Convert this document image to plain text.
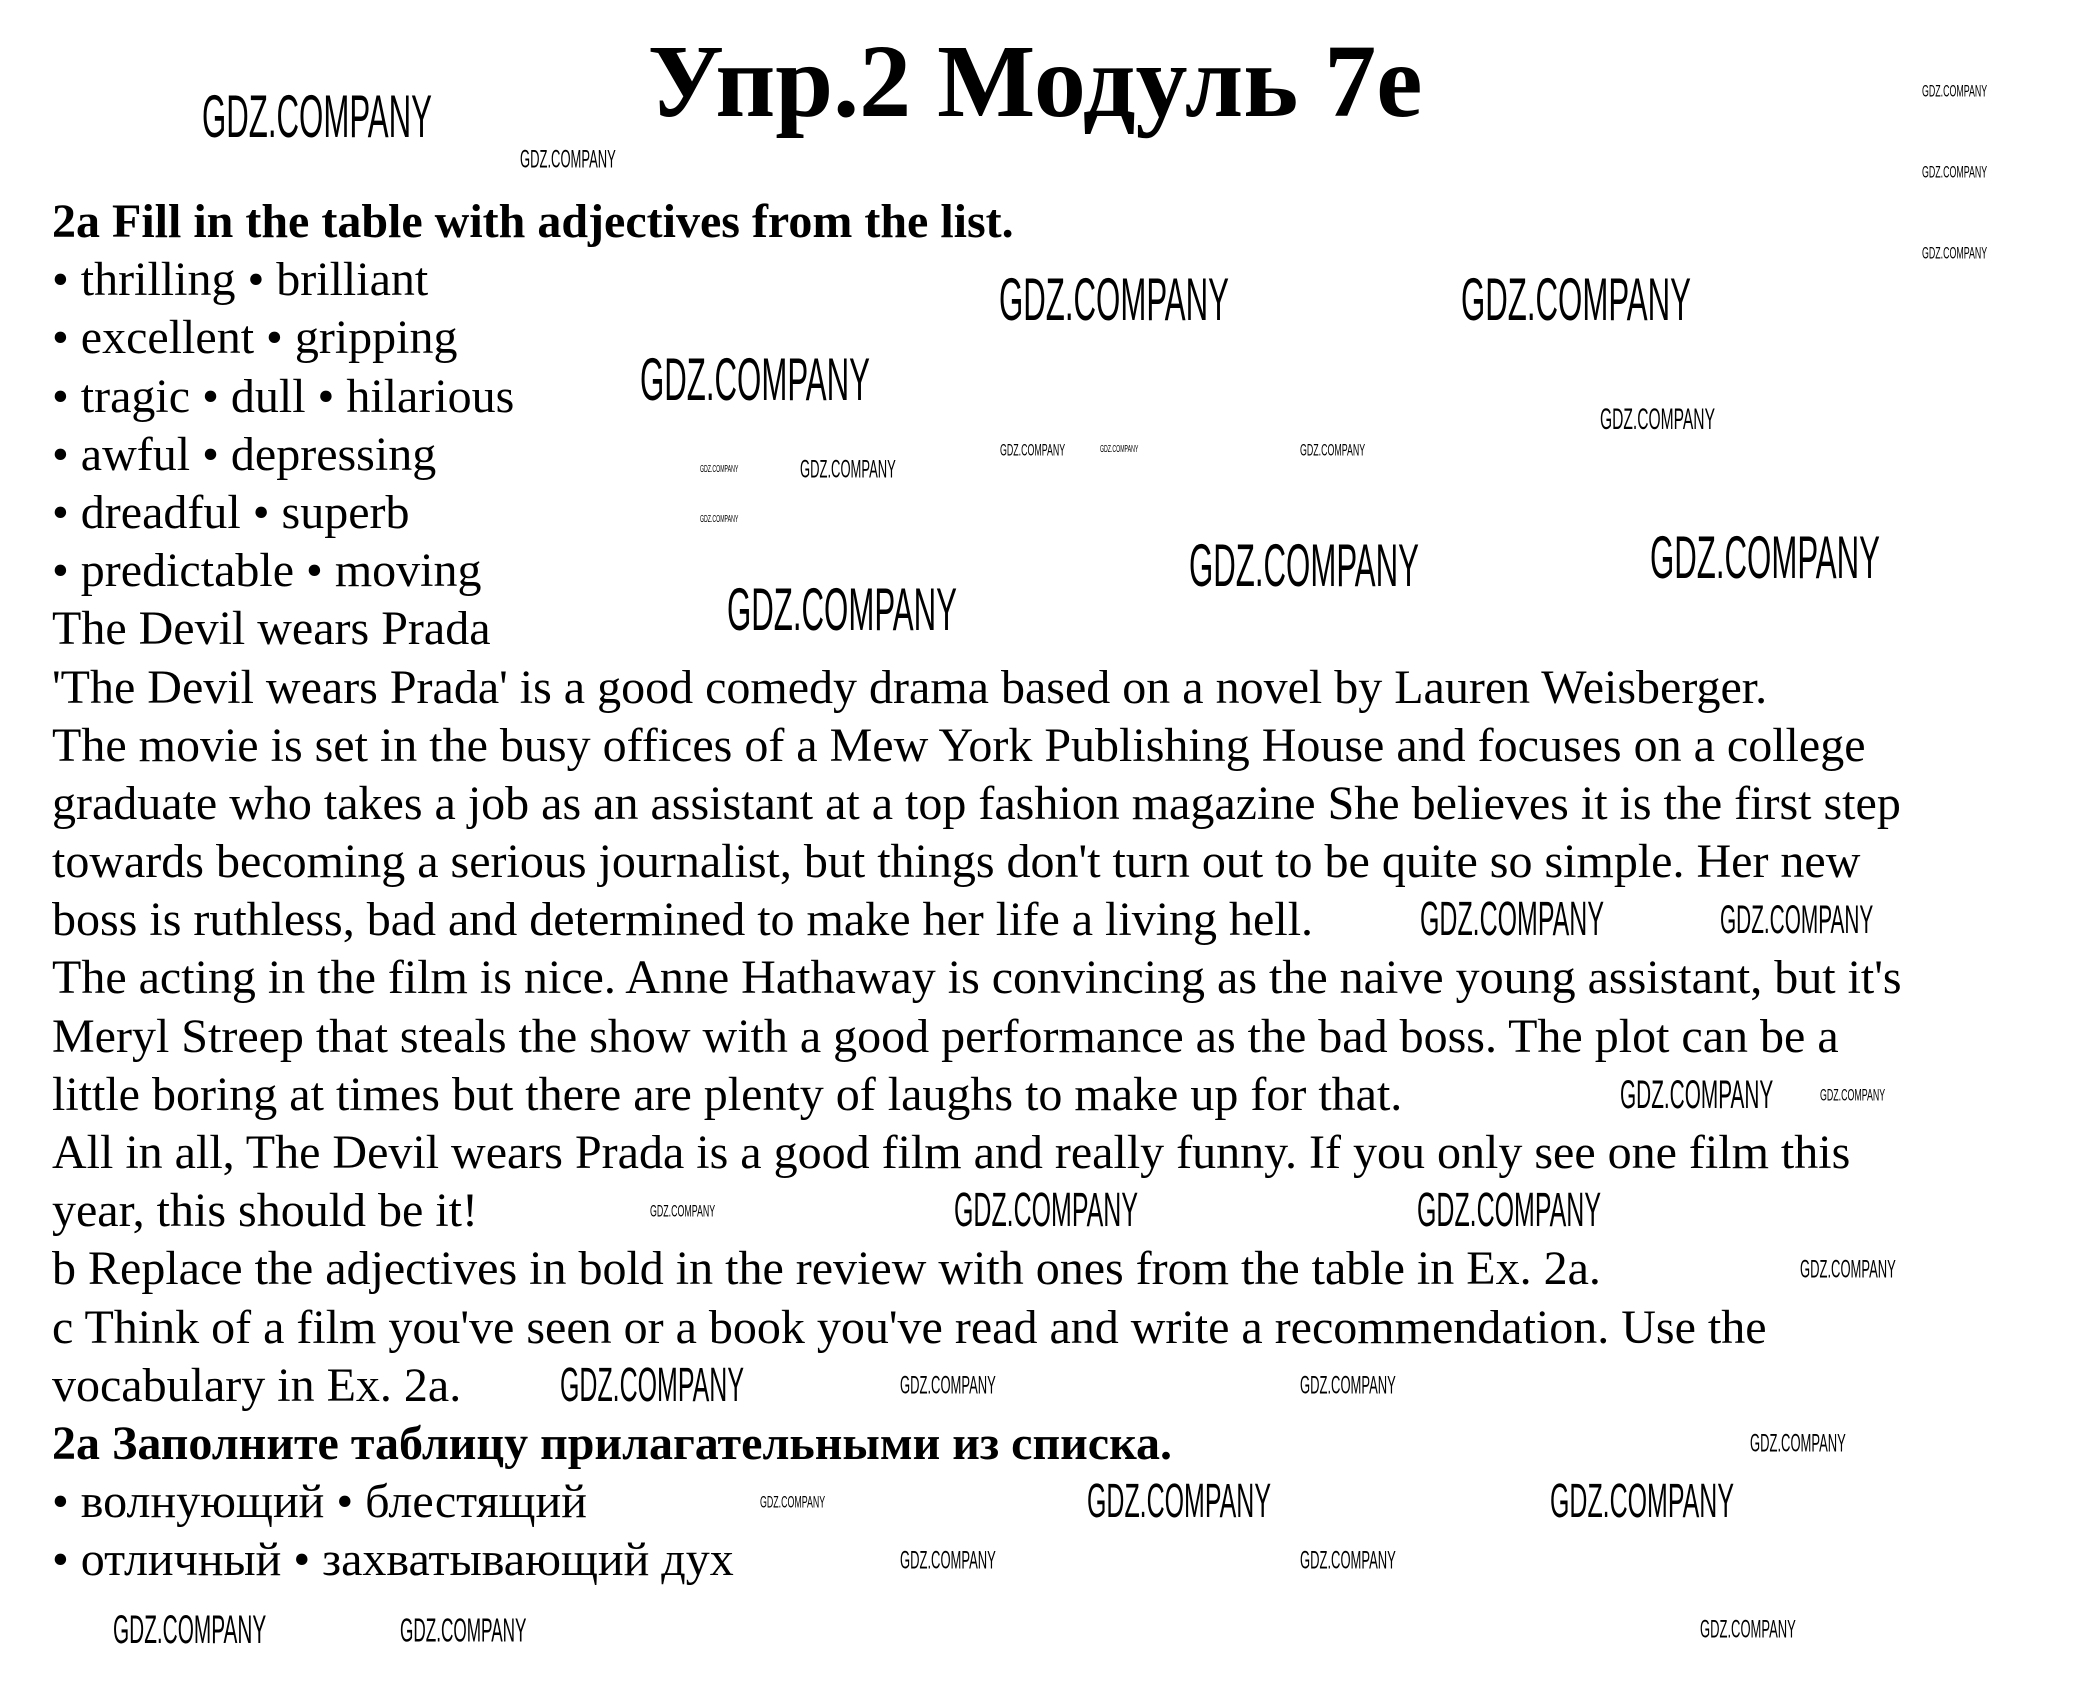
Упр.2 Модуль 7е
2a Fill in the table with adjectives from the list.
• thrilling • brilliant
• excellent • gripping
• tragic • dull • hilarious
• awful • depressing
• dreadful • superb
• predictable • moving
The Devil wears Prada
'The Devil wears Prada' is a good comedy drama based on a novel by Lauren Weisberger.
The movie is set in the busy offices of a Mew York Publishing House and focuses on a college
graduate who takes a job as an assistant at a top fashion magazine She believes it is the first step
towards becoming a serious journalist, but things don't turn out to be quite so simple. Her new
boss is ruthless, bad and determined to make her life a living hell.
The acting in the film is nice. Anne Hathaway is convincing as the naive young assistant, but it's
Meryl Streep that steals the show with a good performance as the bad boss. The plot can be a
little boring at times but there are plenty of laughs to make up for that.
All in all, The Devil wears Prada is a good film and really funny. If you only see one film this
year, this should be it!
b Replace the adjectives in bold in the review with ones from the table in Ex. 2a.
c Think of a film you've seen or a book you've read and write a recommendation. Use the
vocabulary in Ex. 2a.
2a Заполните таблицу прилагательными из списка.
• волнующий • блестящий
• отличный • захватывающий дух
GDZ.COMPANY
GDZ.COMPANY	GDZ.COMPANY
GDZ.COMPANY
GDZ.COMPANY	GDZ.COMPANY
GDZ.COMPANY
GDZ.COMPANY	GDZ.COMPANY
GDZ.COMPANY
GDZ.COMPANY	GDZ.COMPANY
GDZ.COMPANY
GDZ.COMPANY	GDZ.COMPANY
GDZ.COMPANY	GDZ.COMPANY
GDZ.COMPANY
GDZ.COMPANY
GDZ.COMPANY
GDZ.COMPANY
GDZ.COMPANY GDZ.COMPANY
GDZ.COMPANY
GDZ.COMPANY	GDZ.COMPANY	GDZ.COMPANY
GDZ.COMPANY
GDZ.COMPANY
GDZ.COMPANY
GDZ.COMPANY
GDZ.COMPANY	GDZ.COMPANY
GDZ.COMPANY
GDZ.COMPANY
GDZ.COMPANY	GDZ.COMPANY
GDZ.COMPANY
